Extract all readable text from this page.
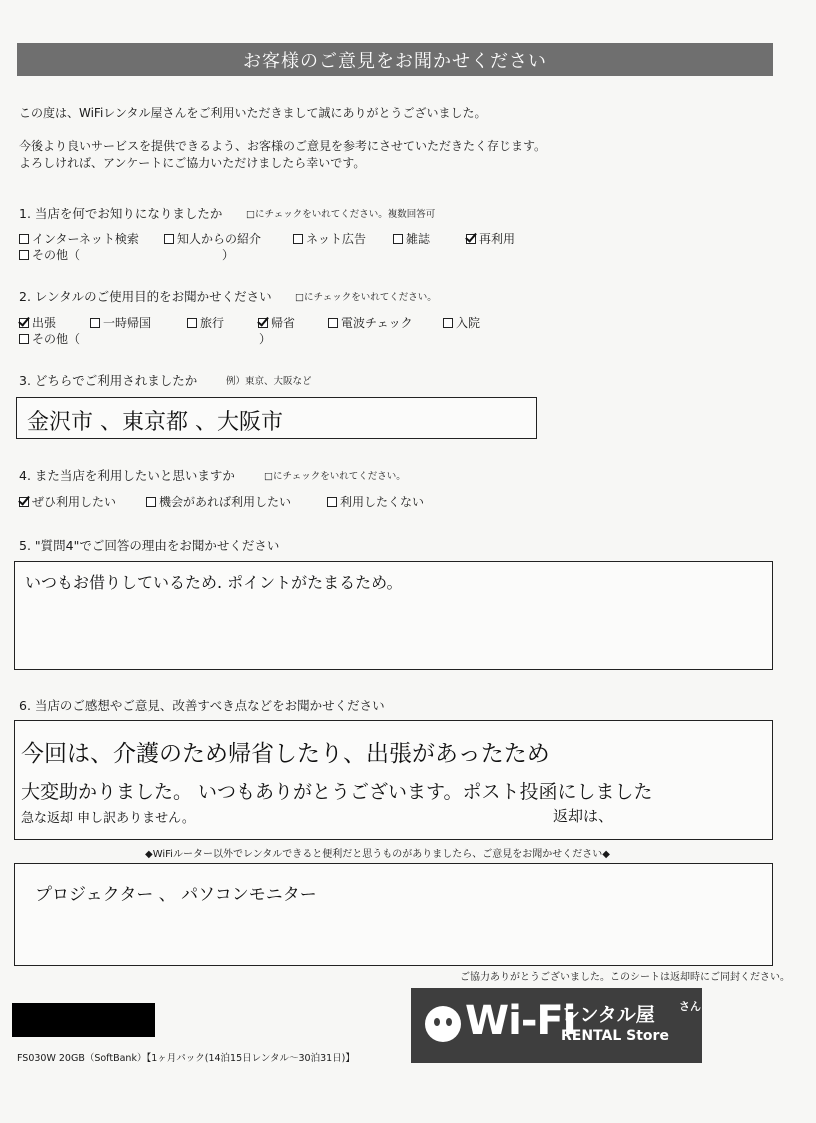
お客様のご意見をお聞かせください
この度は、WiFiレンタル屋さんをご利用いただきまして誠にありがとうございました。
今後より良いサービスを提供できるよう、お客様のご意見を参考にさせていただきたく存じます。
よろしければ、アンケートにご協力いただけましたら幸いです。
1. 当店を何でお知りになりましたか □にチェックをいれてください。複数回答可
インターネット検索	知人からの紹介	ネット広告	雑誌	再利用
その他（	）
2. レンタルのご使用目的をお聞かせください □にチェックをいれてください。
出張	一時帰国	旅行	帰省	電波チェック	入院
その他（	）
3. どちらでご利用されましたか	例）東京、大阪など
金沢市 、東京都 、大阪市
4. また当店を利用したいと思いますか	□にチェックをいれてください。
ぜひ利用したい	機会があれば利用したい	利用したくない
5. "質問4"でご回答の理由をお聞かせください
いつもお借りしているため. ポイントがたまるため。
6. 当店のご感想やご意見、改善すべき点などをお聞かせください
今回は、介護のため帰省したり、出張があったため
大変助かりました。 いつもありがとうございます。ポスト投函にしました
急な返却 申し訳ありません。	返却は、
◆WiFiルーター以外でレンタルできると便利だと思うものがありましたら、ご意見をお聞かせください◆
プロジェクター 、 パソコンモニター
ご協力ありがとうございました。このシートは返却時にご同封ください。
FS030W 20GB（SoftBank）【1ヶ月パック(14泊15日レンタル～30泊31日)】
Wi-Fi
レンタル屋 さん
RENTAL Store
